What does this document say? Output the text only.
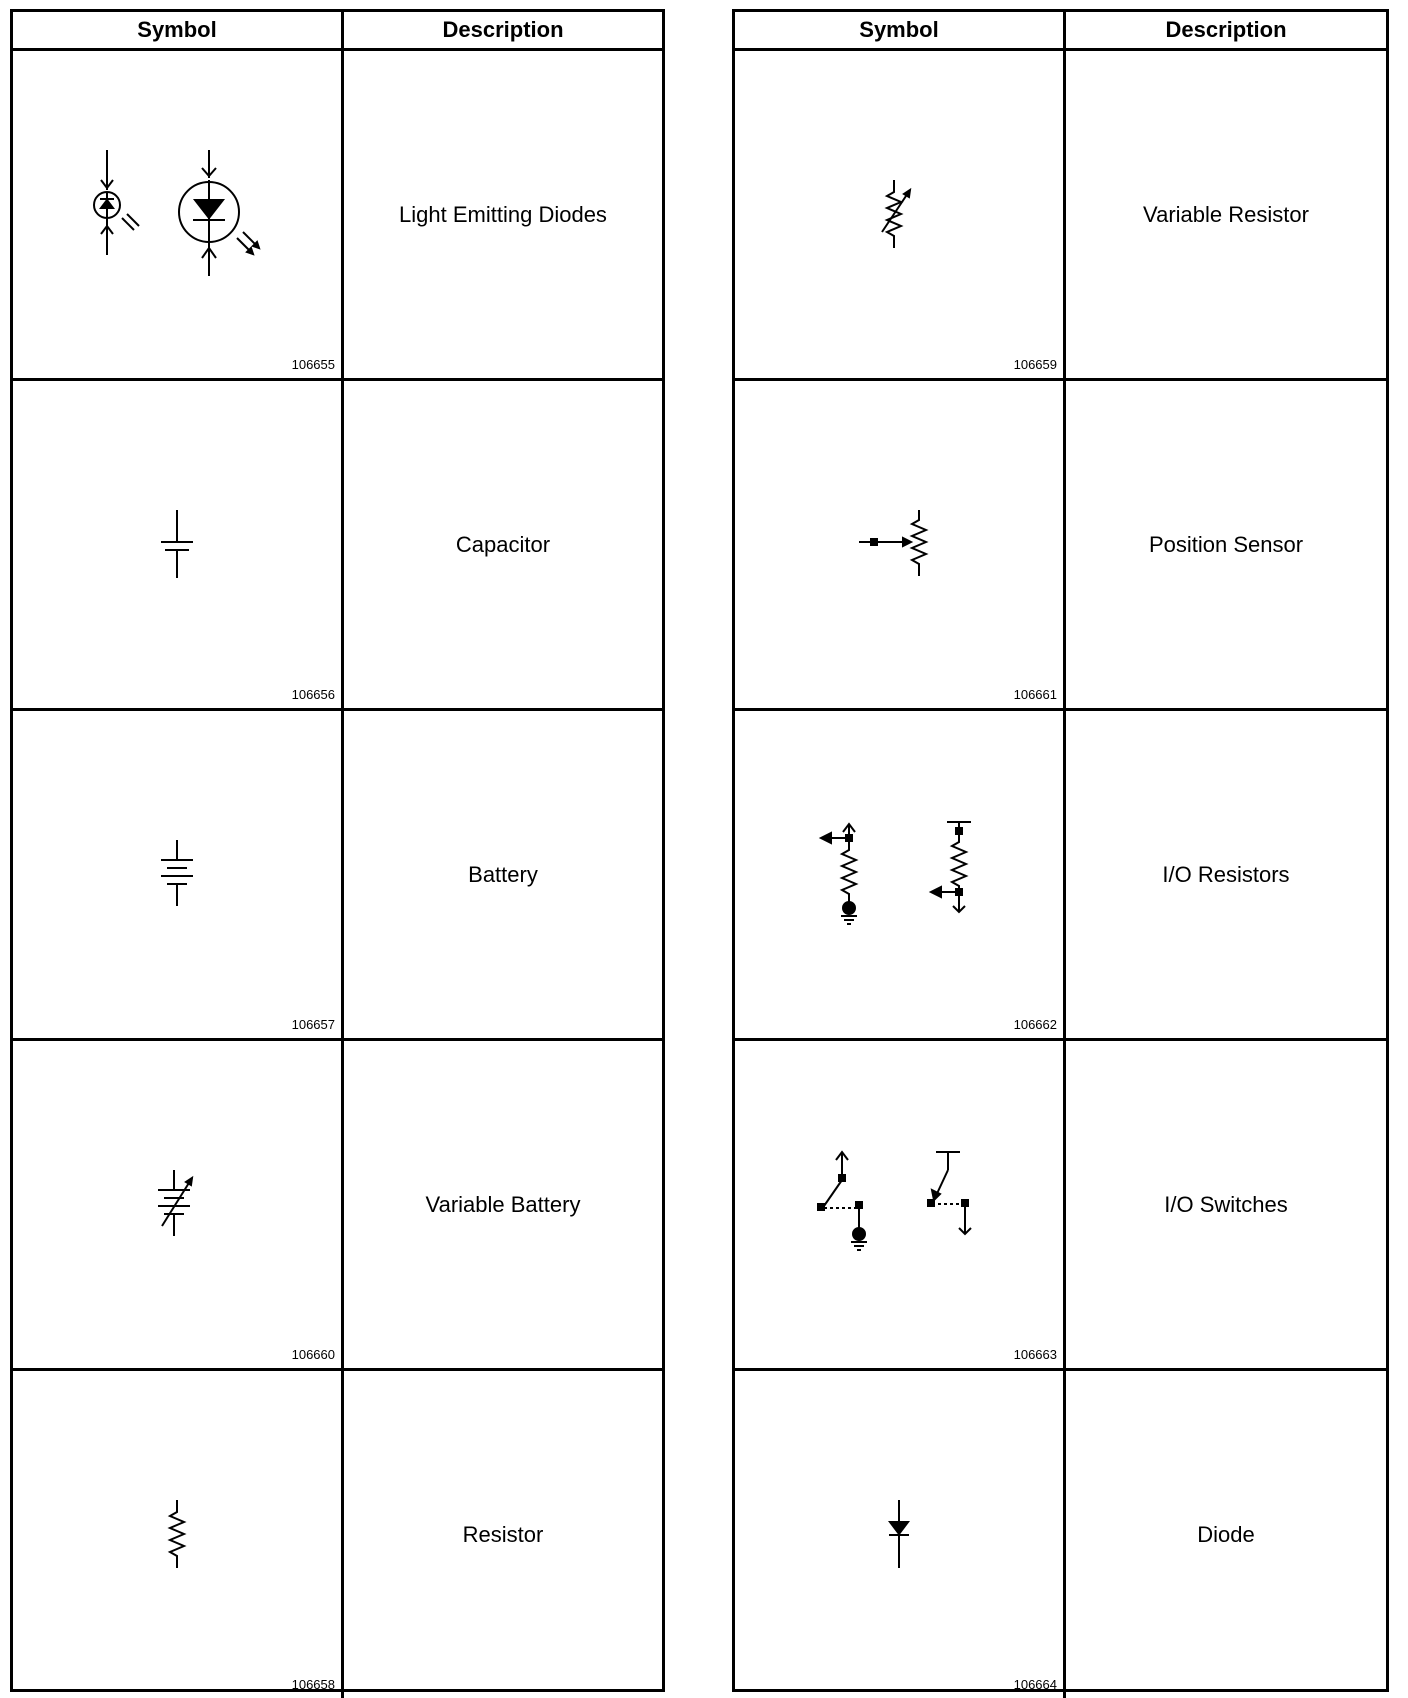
Symbol	Description
106655
Light Emitting Diodes
106656
Capacitor
106657
Battery
106660
Variable Battery
106658
Resistor
Symbol	Description
106659
Variable Resistor
106661
Position Sensor
106662
I/O Resistors
106663
I/O Switches
106664
Diode
